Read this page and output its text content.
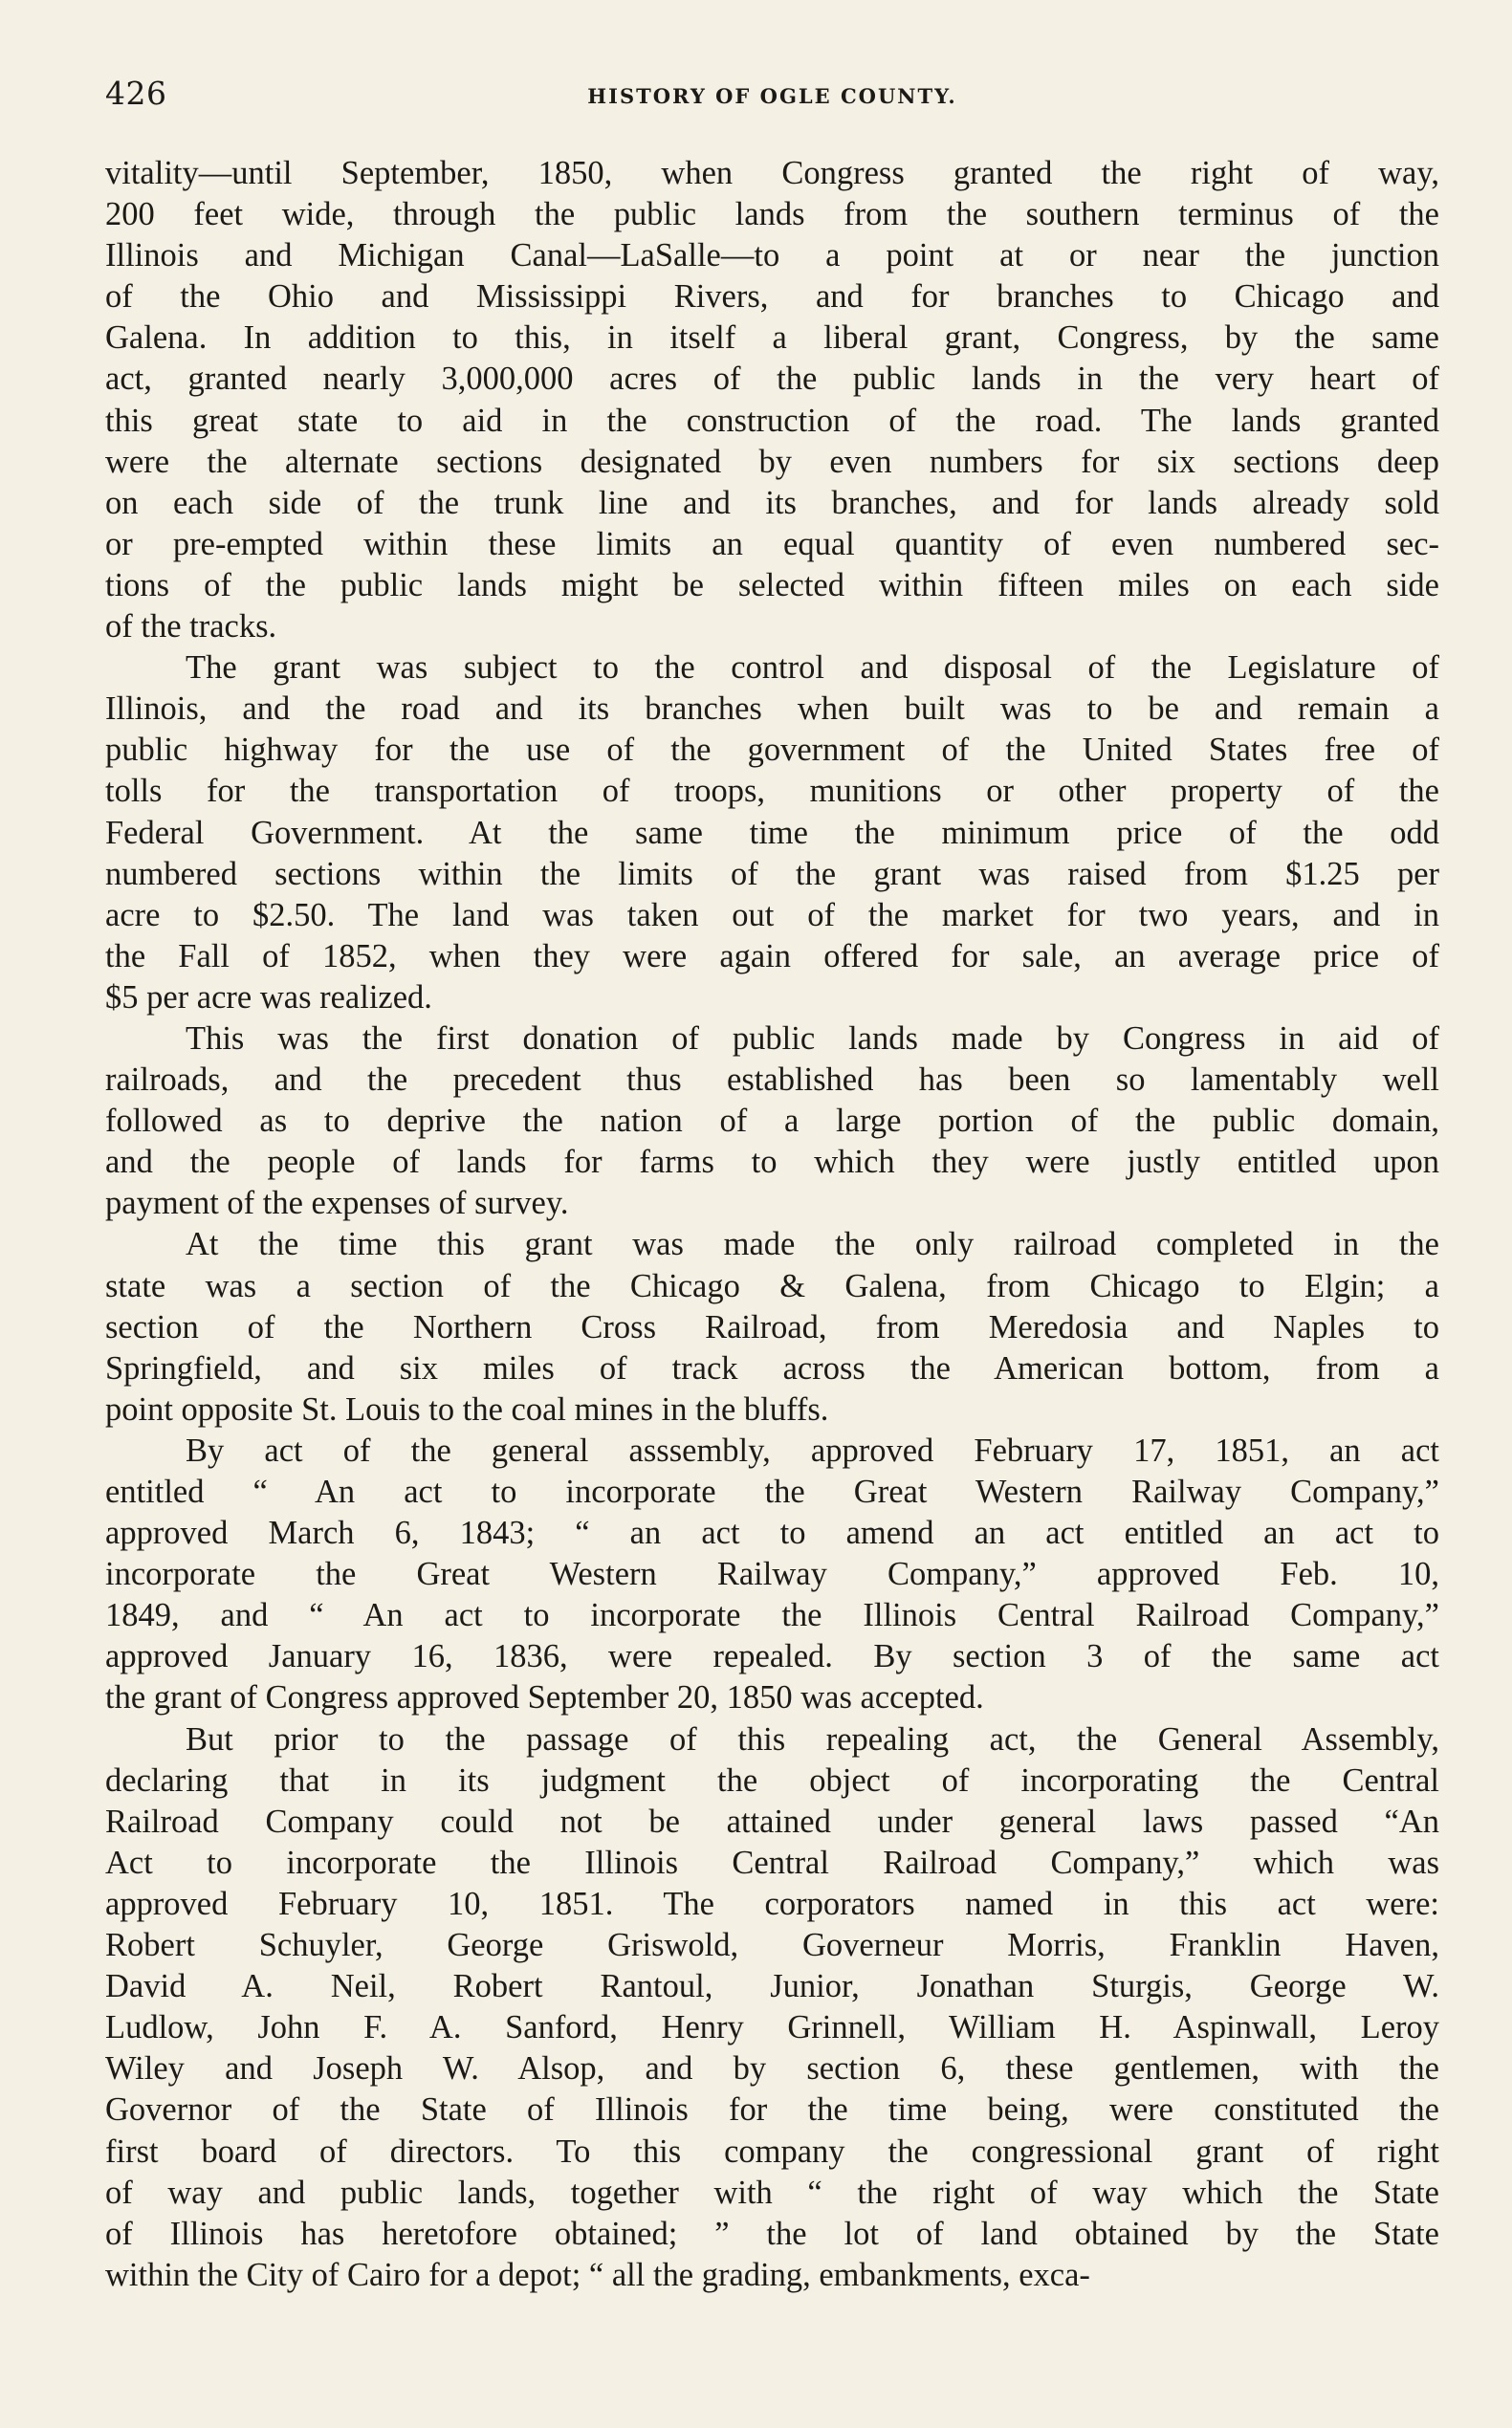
426	HISTORY OF OGLE COUNTY.

vitality—until September, 1850, when Congress granted the right of way,
200 feet wide, through the public lands from the southern terminus of the
Illinois and Michigan Canal—LaSalle—to a point at or near the junction
of the Ohio and Mississippi Rivers, and for branches to Chicago and
Galena. In addition to this, in itself a liberal grant, Congress, by the same
act, granted nearly 3,000,000 acres of the public lands in the very heart of
this great state to aid in the construction of the road. The lands granted
were the alternate sections designated by even numbers for six sections deep
on each side of the trunk line and its branches, and for lands already sold
or pre-empted within these limits an equal quantity of even numbered sec-
tions of the public lands might be selected within fifteen miles on each side
of the tracks.

The grant was subject to the control and disposal of the Legislature of
Illinois, and the road and its branches when built was to be and remain a
public highway for the use of the government of the United States free of
tolls for the transportation of troops, munitions or other property of the
Federal Government. At the same time the minimum price of the odd
numbered sections within the limits of the grant was raised from $1.25 per
acre to $2.50. The land was taken out of the market for two years, and in
the Fall of 1852, when they were again offered for sale, an average price of
$5 per acre was realized.

This was the first donation of public lands made by Congress in aid of
railroads, and the precedent thus established has been so lamentably well
followed as to deprive the nation of a large portion of the public domain,
and the people of lands for farms to which they were justly entitled upon
payment of the expenses of survey.

At the time this grant was made the only railroad completed in the
state was a section of the Chicago & Galena, from Chicago to Elgin; a
section of the Northern Cross Railroad, from Meredosia and Naples to
Springfield, and six miles of track across the American bottom, from a
point opposite St. Louis to the coal mines in the bluffs.

By act of the general asssembly, approved February 17, 1851, an act
entitled “ An act to incorporate the Great Western Railway Company,”
approved March 6, 1843; “ an act to amend an act entitled an act to
incorporate the Great Western Railway Company,” approved Feb. 10,
1849, and “ An act to incorporate the Illinois Central Railroad Company,”
approved January 16, 1836, were repealed. By section 3 of the same act
the grant of Congress approved September 20, 1850 was accepted.

But prior to the passage of this repealing act, the General Assembly,
declaring that in its judgment the object of incorporating the Central
Railroad Company could not be attained under general laws passed “An
Act to incorporate the Illinois Central Railroad Company,” which was
approved February 10, 1851. The corporators named in this act were:
Robert Schuyler, George Griswold, Governeur Morris, Franklin Haven,
David A. Neil, Robert Rantoul, Junior, Jonathan Sturgis, George W.
Ludlow, John F. A. Sanford, Henry Grinnell, William H. Aspinwall, Leroy
Wiley and Joseph W. Alsop, and by section 6, these gentlemen, with the
Governor of the State of Illinois for the time being, were constituted the
first board of directors. To this company the congressional grant of right
of way and public lands, together with “ the right of way which the State
of Illinois has heretofore obtained; ” the lot of land obtained by the State
within the City of Cairo for a depot; “ all the grading, embankments, exca-
